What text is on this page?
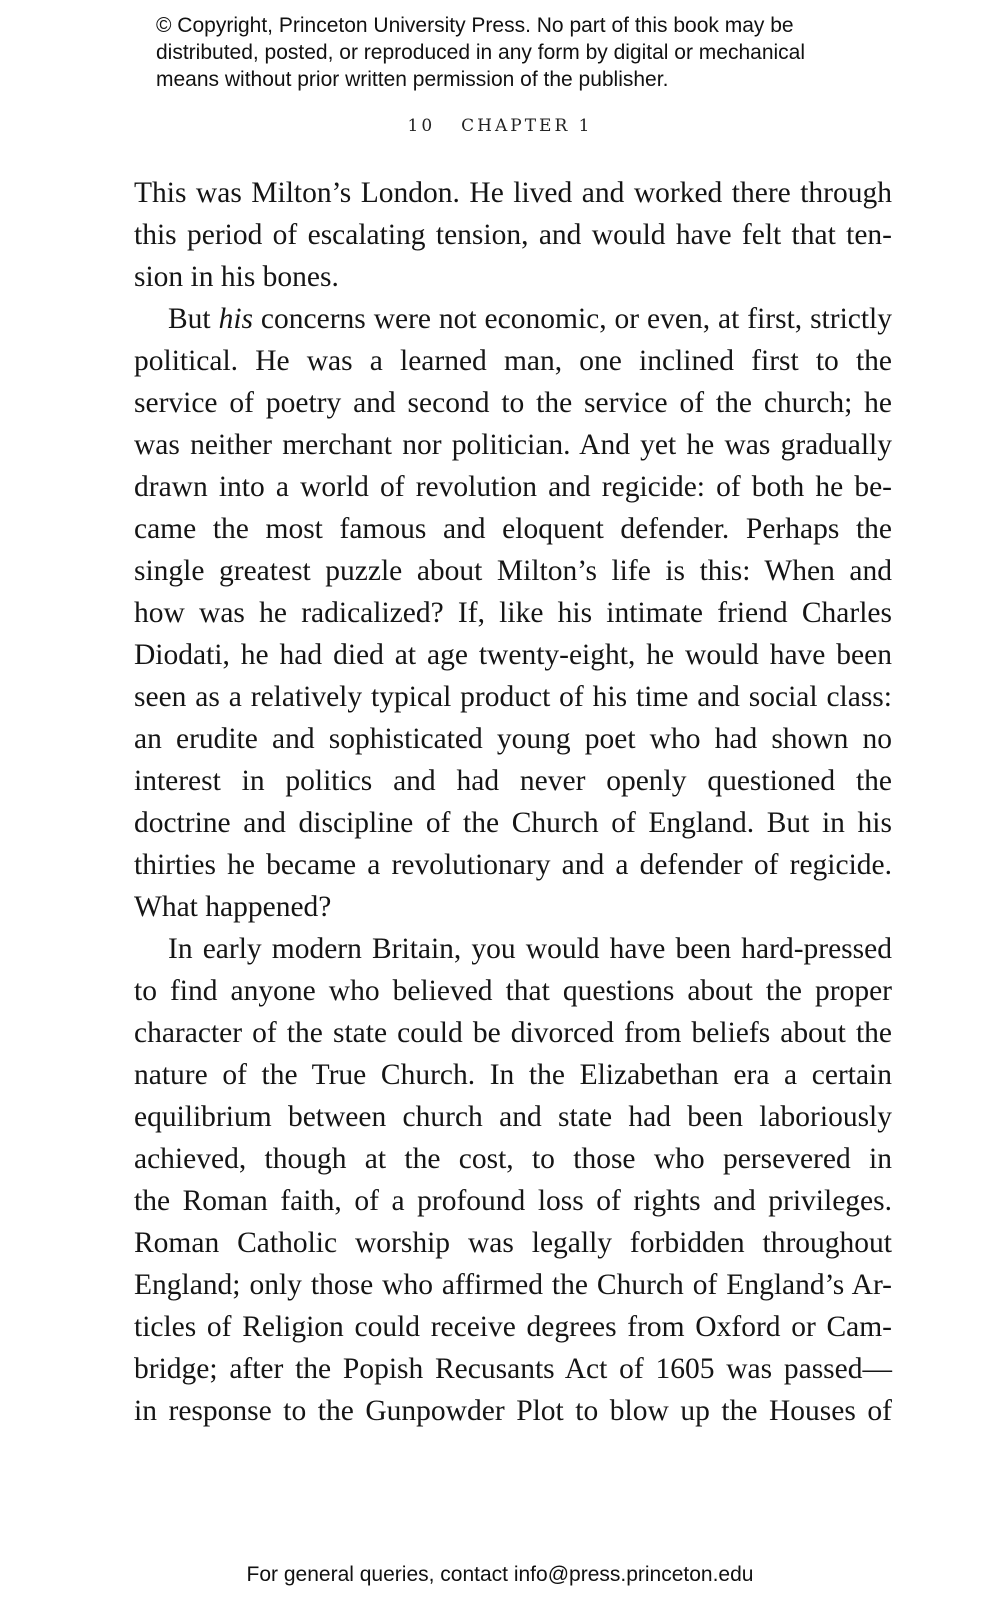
© Copyright, Princeton University Press. No part of this book may be
distributed, posted, or reproduced in any form by digital or mechanical
means without prior written permission of the publisher.
10 CHAPTER 1
This was Milton’s London. He lived and worked there through
this period of escalating tension, and would have felt that ten-
sion in his bones.
But his concerns were not economic, or even, at first, strictly
political. He was a learned man, one inclined first to the
service of poetry and second to the service of the church; he
was neither merchant nor politician. And yet he was gradually
drawn into a world of revolution and regicide: of both he be-
came the most famous and eloquent defender. Perhaps the
single greatest puzzle about Milton’s life is this: When and
how was he radicalized? If, like his intimate friend Charles
Diodati, he had died at age twenty-eight, he would have been
seen as a relatively typical product of his time and social class:
an erudite and sophisticated young poet who had shown no
interest in politics and had never openly questioned the
doctrine and discipline of the Church of England. But in his
thirties he became a revolutionary and a defender of regicide.
What happened?
In early modern Britain, you would have been hard-pressed
to find anyone who believed that questions about the proper
character of the state could be divorced from beliefs about the
nature of the True Church. In the Elizabethan era a certain
equilibrium between church and state had been laboriously
achieved, though at the cost, to those who persevered in
the Roman faith, of a profound loss of rights and privileges.
Roman Catholic worship was legally forbidden throughout
England; only those who affirmed the Church of England’s Ar-
ticles of Religion could receive degrees from Oxford or Cam-
bridge; after the Popish Recusants Act of 1605 was passed—
in response to the Gunpowder Plot to blow up the Houses of
For general queries, contact info@press.princeton.edu
